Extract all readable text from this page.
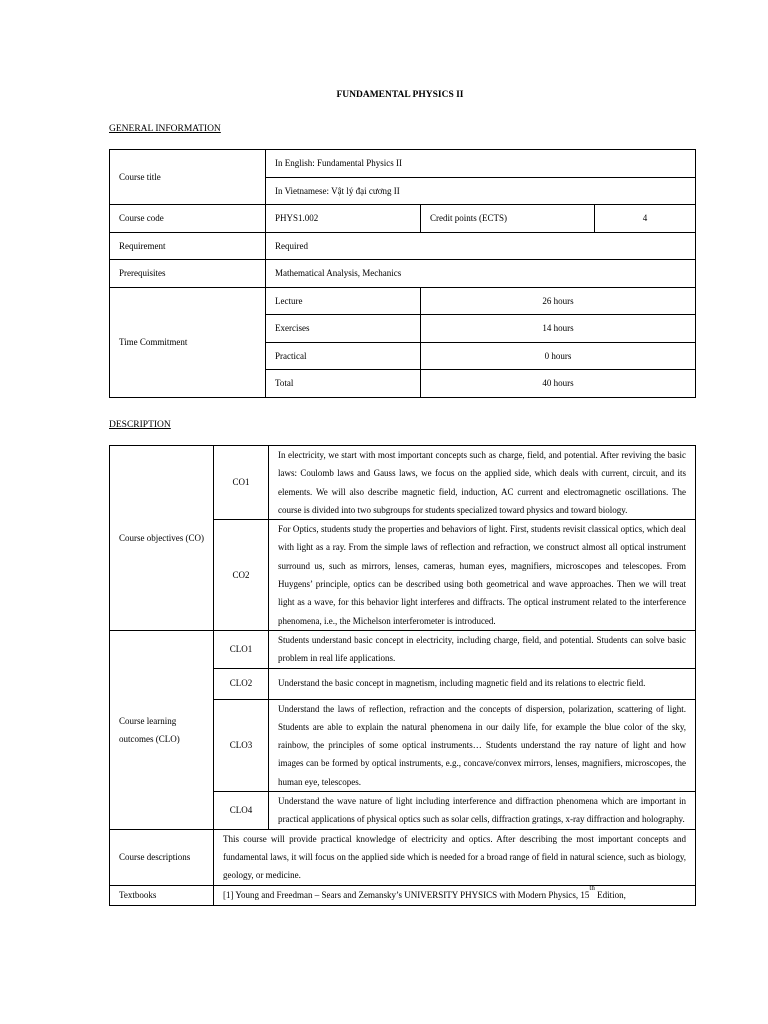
FUNDAMENTAL PHYSICS II
GENERAL INFORMATION
Course title	In English: Fundamental Physics II		
	In Vietnamese: Vật lý đại cương II		
Course code	PHYS1.002	Credit points (ECTS)	4
Requirement	Required		
Prerequisites	Mathematical Analysis, Mechanics		
Time Commitment	Lecture	26 hours	
	Exercises	14 hours	
	Practical	0 hours	
	Total	40 hours	
DESCRIPTION
Course objectives (CO)	CO1	In electricity, we start with most important concepts such as charge, field, and potential. After reviving the basic laws: Coulomb laws and Gauss laws, we focus on the applied side, which deals with current, circuit, and its elements. We will also describe magnetic field, induction, AC current and electromagnetic oscillations. The course is divided into two subgroups for students specialized toward physics and toward biology.
	CO2	For Optics, students study the properties and behaviors of light. First, students revisit classical optics, which deal with light as a ray. From the simple laws of reflection and refraction, we construct almost all optical instrument surround us, such as mirrors, lenses, cameras, human eyes, magnifiers, microscopes and telescopes. From Huygens’ principle, optics can be described using both geometrical and wave approaches. Then we will treat light as a wave, for this behavior light interferes and diffracts. The optical instrument related to the interference phenomena, i.e., the Michelson interferometer is introduced.
Course learning outcomes (CLO)	CLO1	Students understand basic concept in electricity, including charge, field, and potential. Students can solve basic problem in real life applications.
	CLO2	Understand the basic concept in magnetism, including magnetic field and its relations to electric field.
	CLO3	Understand the laws of reflection, refraction and the concepts of dispersion, polarization, scattering of light. Students are able to explain the natural phenomena in our daily life, for example the blue color of the sky, rainbow, the principles of some optical instruments… Students understand the ray nature of light and how images can be formed by optical instruments, e.g., concave/convex mirrors, lenses, magnifiers, microscopes, the human eye, telescopes.
	CLO4	Understand the wave nature of light including interference and diffraction phenomena which are important in practical applications of physical optics such as solar cells, diffraction gratings, x-ray diffraction and holography.
Course descriptions	This course will provide practical knowledge of electricity and optics. After describing the most important concepts and fundamental laws, it will focus on the applied side which is needed for a broad range of field in natural science, such as biology, geology, or medicine.	
Textbooks	[1] Young and Freedman – Sears and Zemansky’s UNIVERSITY PHYSICS with Modern Physics, 15th Edition,	
